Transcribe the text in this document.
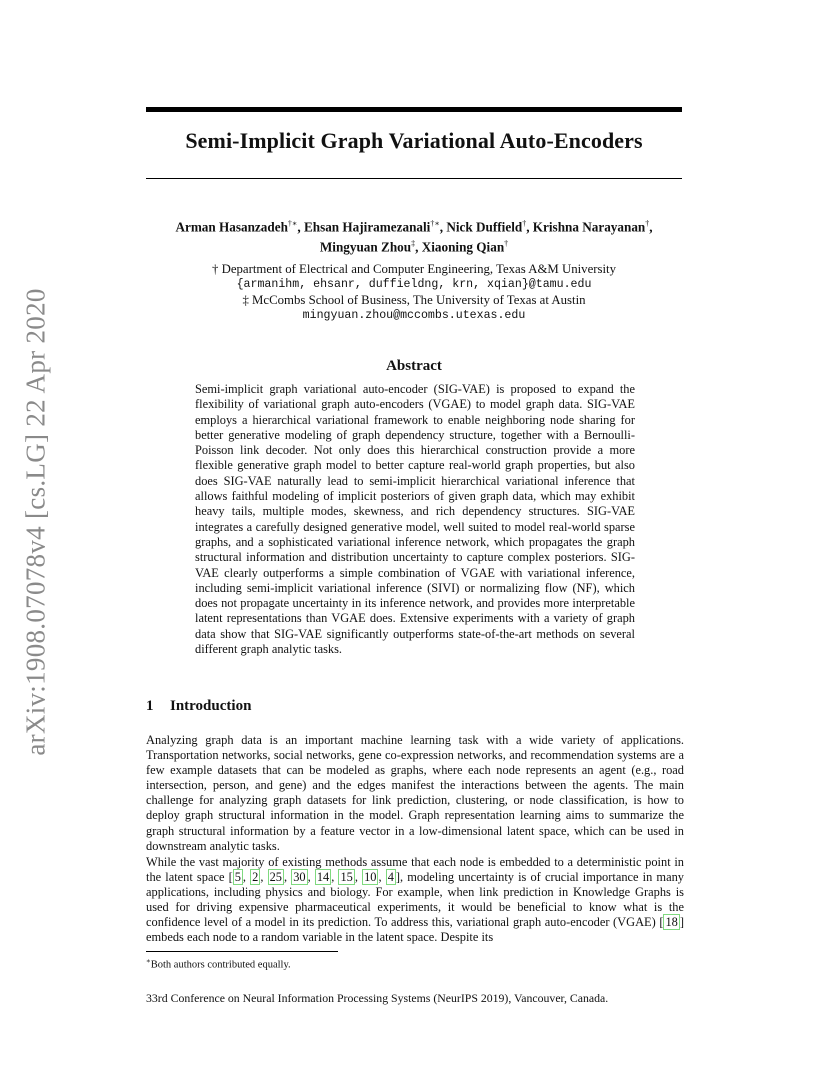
arXiv:1908.07078v4 [cs.LG] 22 Apr 2020
Semi-Implicit Graph Variational Auto-Encoders
Arman Hasanzadeh†∗, Ehsan Hajiramezanali†∗, Nick Duffield†, Krishna Narayanan†,
Mingyuan Zhou‡, Xiaoning Qian†
† Department of Electrical and Computer Engineering, Texas A&M University
{armanihm, ehsanr, duffieldng, krn, xqian}@tamu.edu
‡ McCombs School of Business, The University of Texas at Austin
mingyuan.zhou@mccombs.utexas.edu
Abstract
Semi-implicit graph variational auto-encoder (SIG-VAE) is proposed to expand the flexibility of variational graph auto-encoders (VGAE) to model graph data. SIG-VAE employs a hierarchical variational framework to enable neighboring node sharing for better generative modeling of graph dependency structure, together with a Bernoulli-Poisson link decoder. Not only does this hierarchical construction provide a more flexible generative graph model to better capture real-world graph properties, but also does SIG-VAE naturally lead to semi-implicit hierarchical variational inference that allows faithful modeling of implicit posteriors of given graph data, which may exhibit heavy tails, multiple modes, skewness, and rich dependency structures. SIG-VAE integrates a carefully designed generative model, well suited to model real-world sparse graphs, and a sophisticated variational inference network, which propagates the graph structural information and distribution uncertainty to capture complex posteriors. SIG-VAE clearly outperforms a simple combination of VGAE with variational inference, including semi-implicit variational inference (SIVI) or normalizing flow (NF), which does not propagate uncertainty in its inference network, and provides more interpretable latent representations than VGAE does. Extensive experiments with a variety of graph data show that SIG-VAE significantly outperforms state-of-the-art methods on several different graph analytic tasks.
1 Introduction
Analyzing graph data is an important machine learning task with a wide variety of applications. Transportation networks, social networks, gene co-expression networks, and recommendation systems are a few example datasets that can be modeled as graphs, where each node represents an agent (e.g., road intersection, person, and gene) and the edges manifest the interactions between the agents. The main challenge for analyzing graph datasets for link prediction, clustering, or node classification, is how to deploy graph structural information in the model. Graph representation learning aims to summarize the graph structural information by a feature vector in a low-dimensional latent space, which can be used in downstream analytic tasks.
While the vast majority of existing methods assume that each node is embedded to a deterministic point in the latent space [ 5 , 2 , 25 , 30 , 14 , 15 , 10 , 4 ], modeling uncertainty is of crucial importance in many applications, including physics and biology. For example, when link prediction in Knowledge Graphs is used for driving expensive pharmaceutical experiments, it would be beneficial to know what is the confidence level of a model in its prediction. To address this, variational graph auto-encoder (VGAE) [ 18 ] embeds each node to a random variable in the latent space. Despite its
∗Both authors contributed equally.
33rd Conference on Neural Information Processing Systems (NeurIPS 2019), Vancouver, Canada.
